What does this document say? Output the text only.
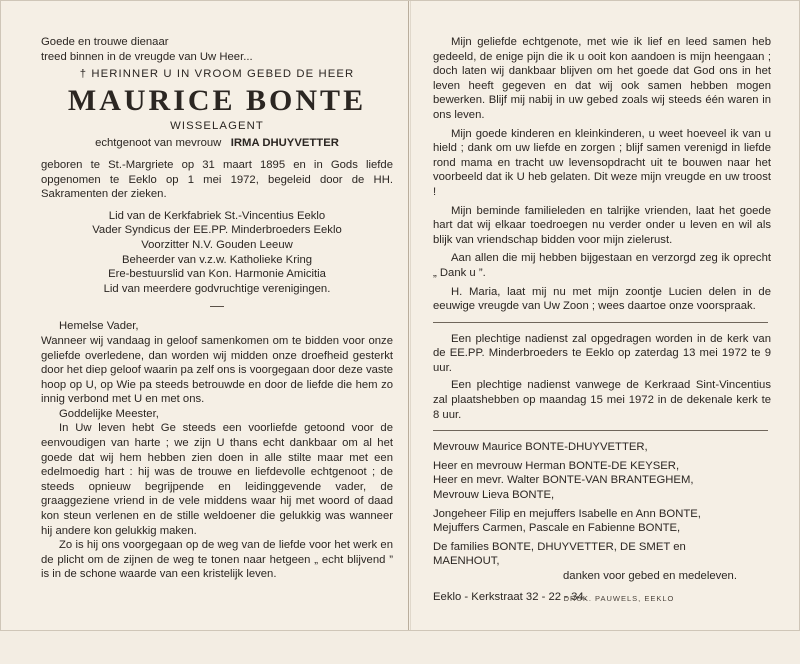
Goede en trouwe dienaar

treed binnen in de vreugde van Uw Heer...

† HERINNER U IN VROOM GEBED DE HEER

MAURICE BONTE

WISSELAGENT

echtgenoot van mevrouw IRMA DHUYVETTER

geboren te St.-Margriete op 31 maart 1895 en in Gods liefde opgenomen te Eeklo op 1 mei 1972, begeleid door de HH. Sakramenten der zieken.

Lid van de Kerkfabriek St.-Vincentius Eeklo

Vader Syndicus der EE.PP. Minderbroeders Eeklo

Voorzitter N.V. Gouden Leeuw

Beheerder van v.z.w. Katholieke Kring

Ere-bestuurslid van Kon. Harmonie Amicitia

Lid van meerdere godvruchtige verenigingen.

Hemelse Vader,

Wanneer wij vandaag in geloof samenkomen om te bidden voor onze geliefde overledene, dan worden wij midden onze droefheid gesterkt door het diep geloof waarin pa zelf ons is voorgegaan door deze vaste hoop op U, op Wie pa steeds betrouwde en door de liefde die hem zo innig verbond met U en met ons.

Goddelijke Meester,

In Uw leven hebt Ge steeds een voorliefde getoond voor de eenvoudigen van harte ; we zijn U thans echt dankbaar om al het goede dat wij hem hebben zien doen in alle stilte maar met een edelmoedig hart : hij was de trouwe en liefdevolle echtgenoot ; de steeds opnieuw begrijpende en leidinggevende vader, de graaggeziene vriend in de vele middens waar hij met woord of daad kon steun verlenen en de stille weldoener die gelukkig was wanneer hij andere kon gelukkig maken.

Zo is hij ons voorgegaan op de weg van de liefde voor het werk en de plicht om de zijnen de weg te tonen naar hetgeen „ echt blijvend ” is in de schone waarde van een kristelijk leven.

Mijn geliefde echtgenote, met wie ik lief en leed samen heb gedeeld, de enige pijn die ik u ooit kon aandoen is mijn heengaan ; doch laten wij dankbaar blijven om het goede dat God ons in het leven heeft gegeven en dat wij ook samen hebben mogen bewerken. Blijf mij nabij in uw gebed zoals wij steeds één waren in ons leven.

Mijn goede kinderen en kleinkinderen, u weet hoeveel ik van u hield ; dank om uw liefde en zorgen ; blijf samen verenigd in liefde rond mama en tracht uw levensopdracht uit te bouwen naar het voorbeeld dat ik U heb gelaten. Dit weze mijn vreugde en uw troost !

Mijn beminde familieleden en talrijke vrienden, laat het goede hart dat wij elkaar toedroegen nu verder onder u leven en wil als blijk van vriendschap bidden voor mijn zielerust.

Aan allen die mij hebben bijgestaan en verzorgd zeg ik oprecht „ Dank u ”.

H. Maria, laat mij nu met mijn zoontje Lucien delen in de eeuwige vreugde van Uw Zoon ; wees daartoe onze voorspraak.

Een plechtige nadienst zal opgedragen worden in de kerk van de EE.PP. Minderbroeders te Eeklo op zaterdag 13 mei 1972 te 9 uur.

Een plechtige nadienst vanwege de Kerkraad Sint-Vincentius zal plaatshebben op maandag 15 mei 1972 in de dekenale kerk te 8 uur.

Mevrouw Maurice BONTE-DHUYVETTER,

Heer en mevrouw Herman BONTE-DE KEYSER,

Heer en mevr. Walter BONTE-VAN BRANTEGHEM,

Mevrouw Lieva BONTE,

Jongeheer Filip en mejuffers Isabelle en Ann BONTE,

Mejuffers Carmen, Pascale en Fabienne BONTE,

De families BONTE, DHUYVETTER, DE SMET en

MAENHOUT,

danken voor gebed en medeleven.

Eeklo - Kerkstraat 32 - 22 - 34.

DRUK. PAUWELS, EEKLO
